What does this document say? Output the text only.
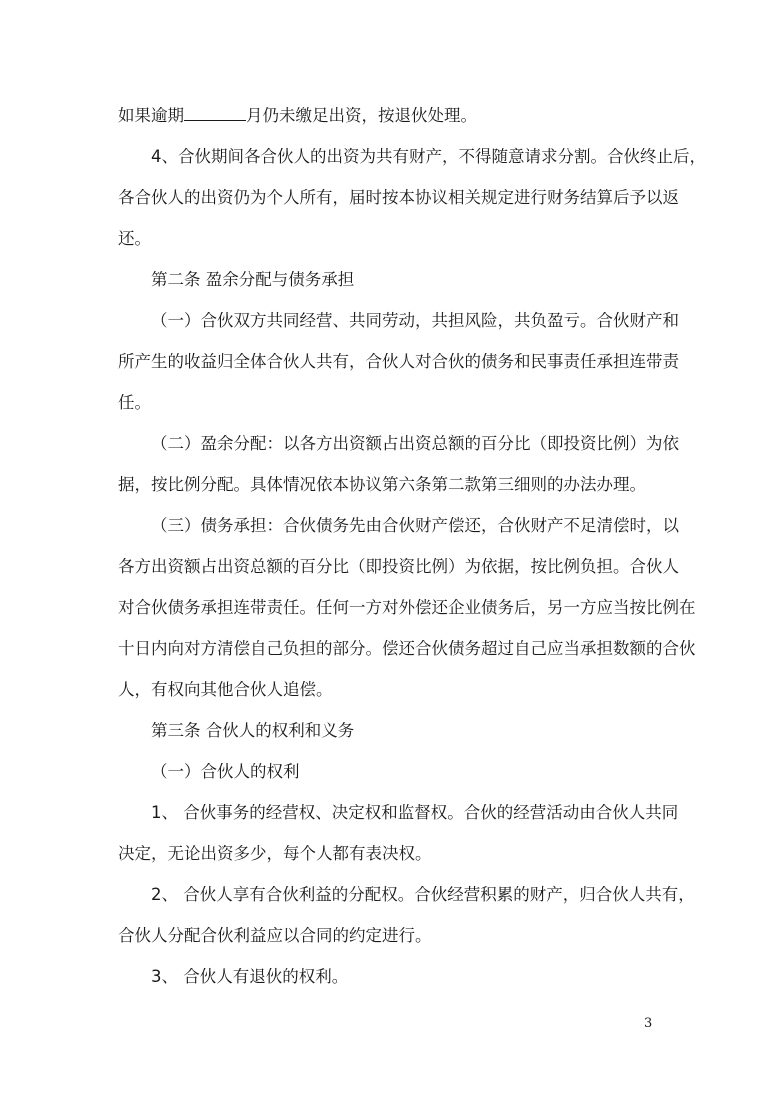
如果逾期	月仍未缴足出资，按退伙处理。
4、合伙期间各合伙人的出资为共有财产，不得随意请求分割。合伙终止后，
各合伙人的出资仍为个人所有，届时按本协议相关规定进行财务结算后予以返
还。
第二条 盈余分配与债务承担
（一）合伙双方共同经营、共同劳动，共担风险，共负盈亏。合伙财产和
所产生的收益归全体合伙人共有，合伙人对合伙的债务和民事责任承担连带责
任。
（二）盈余分配：以各方出资额占出资总额的百分比（即投资比例）为依
据，按比例分配。具体情况依本协议第六条第二款第三细则的办法办理。
（三）债务承担：合伙债务先由合伙财产偿还，合伙财产不足清偿时，以
各方出资额占出资总额的百分比（即投资比例）为依据，按比例负担。合伙人
对合伙债务承担连带责任。任何一方对外偿还企业债务后，另一方应当按比例在
十日内向对方清偿自己负担的部分。偿还合伙债务超过自己应当承担数额的合伙
人，有权向其他合伙人追偿。
第三条 合伙人的权利和义务
（一）合伙人的权利
1、 合伙事务的经营权、决定权和监督权。合伙的经营活动由合伙人共同
决定，无论出资多少，每个人都有表决权。
2、 合伙人享有合伙利益的分配权。合伙经营积累的财产，归合伙人共有，
合伙人分配合伙利益应以合同的约定进行。
3、 合伙人有退伙的权利。
3
